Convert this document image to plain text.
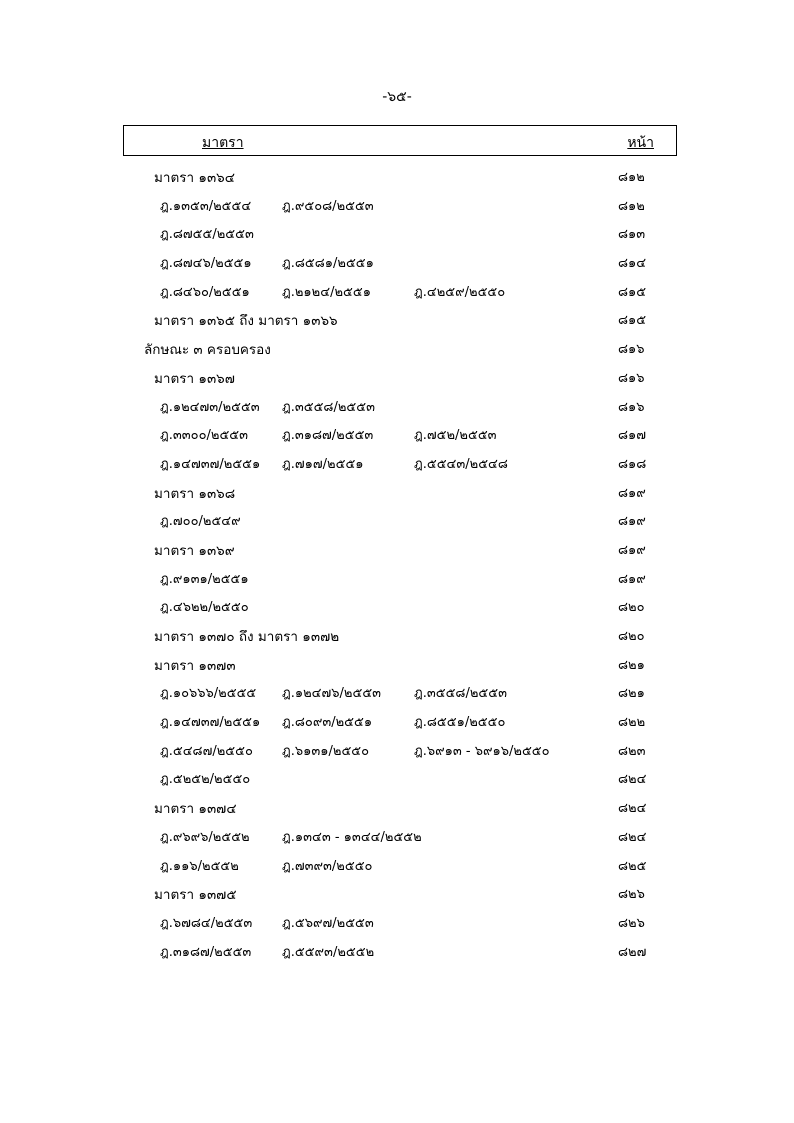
-๖๕-
มาตรา	หน้า
มาตรา ๑๓๖๔	๘๑๒
ฎ.๑๓๕๓/๒๕๕๔ ฎ.๙๕๐๘/๒๕๕๓	๘๑๒
ฎ.๘๗๕๕/๒๕๕๓	๘๑๓
ฎ.๘๗๔๖/๒๕๕๑ ฎ.๘๕๘๑/๒๕๕๑	๘๑๔
ฎ.๘๔๖๐/๒๕๕๑ ฎ.๒๑๒๔/๒๕๕๑	ฎ.๔๒๕๙/๒๕๕๐	๘๑๕
มาตรา ๑๓๖๕ ถึง มาตรา ๑๓๖๖	๘๑๕
ลักษณะ ๓ ครอบครอง	๘๑๖
มาตรา ๑๓๖๗	๘๑๖
ฎ.๑๒๔๗๓/๒๕๕๓ ฎ.๓๕๕๘/๒๕๕๓	๘๑๖
ฎ.๓๓๐๐/๒๕๕๓	ฎ.๓๑๘๗/๒๕๕๓	ฎ.๗๕๒/๒๕๕๓	๘๑๗
ฎ.๑๔๗๓๗/๒๕๕๑ ฎ.๗๑๗/๒๕๕๑	ฎ.๕๕๔๓/๒๕๔๘	๘๑๘
มาตรา ๑๓๖๘	๘๑๙
ฎ.๗๐๐/๒๕๔๙	๘๑๙
มาตรา ๑๓๖๙	๘๑๙
ฎ.๙๑๓๑/๒๕๕๑	๘๑๙
ฎ.๔๖๒๒/๒๕๕๐	๘๒๐
มาตรา ๑๓๗๐ ถึง มาตรา ๑๓๗๒	๘๒๐
มาตรา ๑๓๗๓	๘๒๑
ฎ.๑๐๖๖๖/๒๕๕๕ ฎ.๑๒๔๗๖/๒๕๕๓	ฎ.๓๕๕๘/๒๕๕๓	๘๒๑
ฎ.๑๔๗๓๗/๒๕๕๑ ฎ.๘๐๙๓/๒๕๕๑	ฎ.๘๕๕๑/๒๕๕๐	๘๒๒
ฎ.๕๔๘๗/๒๕๕๐ ฎ.๖๑๓๑/๒๕๕๐	ฎ.๖๙๑๓ - ๖๙๑๖/๒๕๕๐	๘๒๓
ฎ.๕๒๕๒/๒๕๕๐	๘๒๔
มาตรา ๑๓๗๔	๘๒๔
ฎ.๙๖๙๖/๒๕๕๒ ฎ.๑๓๔๓ - ๑๓๔๔/๒๕๕๒	๘๒๔
ฎ.๑๑๖/๒๕๕๒	ฎ.๗๓๙๓/๒๕๕๐	๘๒๕
มาตรา ๑๓๗๕	๘๒๖
ฎ.๖๗๘๔/๒๕๕๓ ฎ.๕๖๙๗/๒๕๕๓	๘๒๖
ฎ.๓๑๘๗/๒๕๕๓ ฎ.๕๕๙๓/๒๕๕๒	๘๒๗
